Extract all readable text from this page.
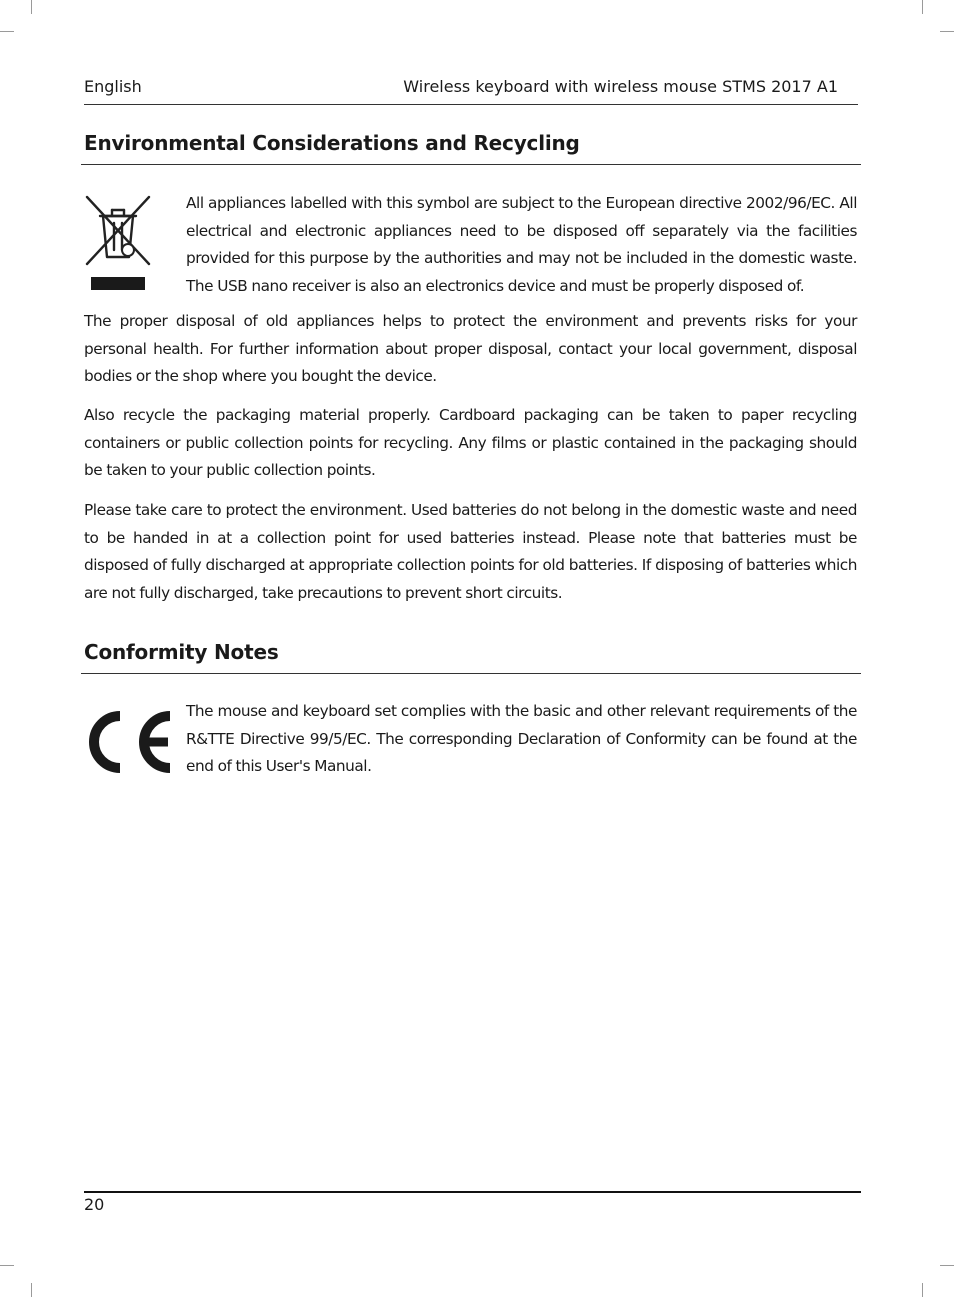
English	Wireless keyboard with wireless mouse STMS 2017 A1
Environmental Considerations and Recycling

All appliances labelled with this symbol are subject to the European directive 2002/96/EC. All electrical and electronic appliances need to be disposed off separately via the facilities provided for this purpose by the authorities and may not be included in the domestic waste. The USB nano receiver is also an electronics device and must be properly disposed of.

The proper disposal of old appliances helps to protect the environment and prevents risks for your personal health. For further information about proper disposal, contact your local government, disposal bodies or the shop where you bought the device.

Also recycle the packaging material properly. Cardboard packaging can be taken to paper recycling containers or public collection points for recycling. Any films or plastic contained in the packaging should be taken to your public collection points.

Please take care to protect the environment. Used batteries do not belong in the domestic waste and need to be handed in at a collection point for used batteries instead. Please note that batteries must be disposed of fully discharged at appropriate collection points for old batteries. If disposing of batteries which are not fully discharged, take precautions to prevent short circuits.

Conformity Notes

The mouse and keyboard set complies with the basic and other relevant requirements of the R&TTE Directive 99/5/EC. The corresponding Declaration of Conformity can be found at the end of this User's Manual.

20
